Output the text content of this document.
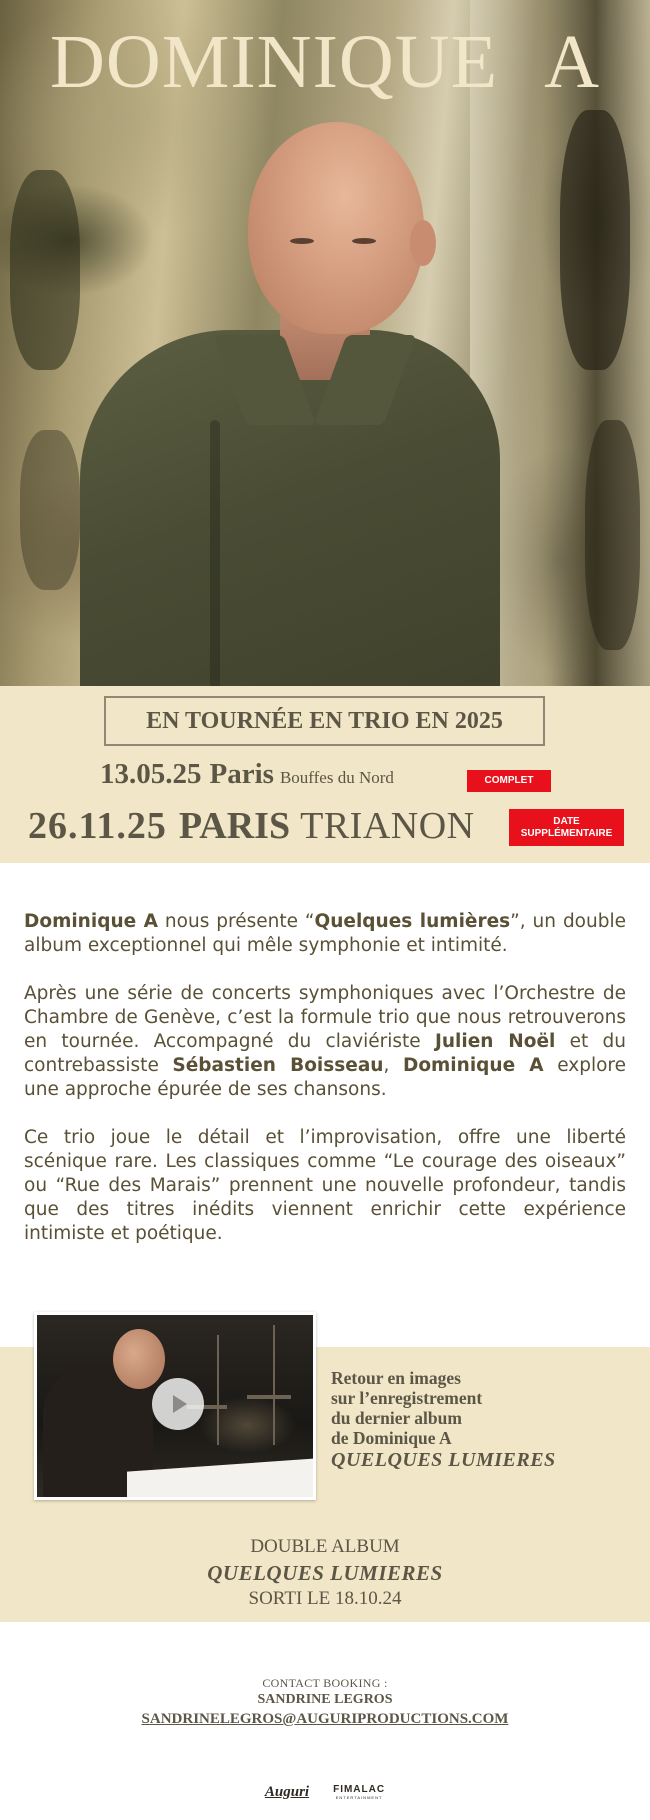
DOMINIQUE A
EN TOURNÉE EN TRIO EN 2025
13.05.25 Paris Bouffes du Nord
26.11.25 PARIS TRIANON
COMPLET
DATE SUPPLÉMENTAIRE

Dominique A nous présente “Quelques lumières”, un double album exceptionnel qui mêle symphonie et intimité.

Après une série de concerts symphoniques avec l’Orchestre de Chambre de Genève, c’est la formule trio que nous retrouverons en tournée. Accompagné du claviériste Julien Noël et du contrebassiste Sébastien Boisseau, Dominique A explore une approche épurée de ses chansons.

Ce trio joue le détail et l’improvisation, offre une liberté scénique rare. Les classiques comme “Le courage des oiseaux” ou “Rue des Marais” prennent une nouvelle profondeur, tandis que des titres inédits viennent enrichir cette expérience intimiste et poétique.

Retour en images
sur l’enregistrement
du dernier album
de Dominique A
QUELQUES LUMIERES
DOUBLE ALBUM
QUELQUES LUMIERES
SORTI LE 18.10.24
CONTACT BOOKING :
SANDRINE LEGROS
SANDRINELEGROS@AUGURIPRODUCTIONS.COM
Auguri FIMALAC
ENTERTAINMENT
